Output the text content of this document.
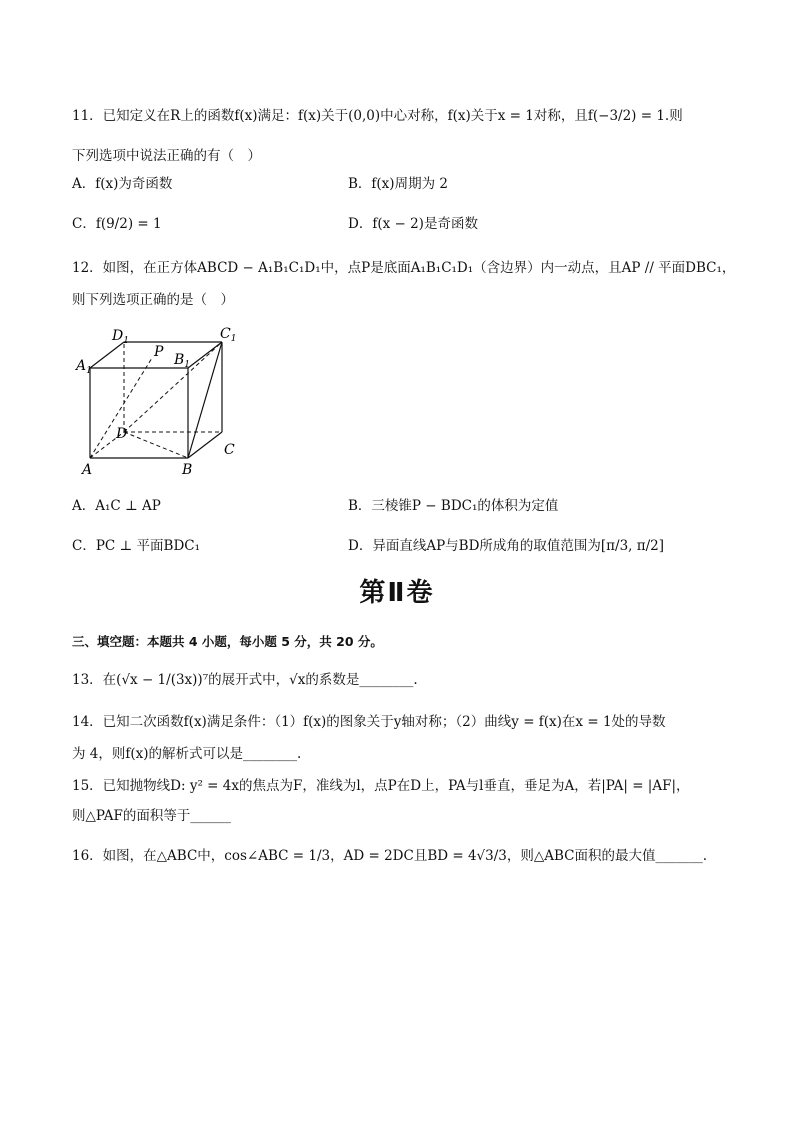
11．已知定义在R上的函数f(x)满足：f(x)关于(0,0)中心对称，f(x)关于x = 1对称，且f(−3/2) = 1.则
下列选项中说法正确的有（　）
A．f(x)为奇函数	B．f(x)周期为 2
C．f(9/2) = 1	D．f(x − 2)是奇函数
12．如图，在正方体ABCD − A₁B₁C₁D₁中，点P是底面A₁B₁C₁D₁（含边界）内一动点，且AP // 平面DBC₁，
则下列选项正确的是（　）
$D_1$	$C_1$
$A_1$
$B_1$
P
D
C
A	B
A．A₁C ⊥ AP	B．三棱锥P − BDC₁的体积为定值
C．PC ⊥ 平面BDC₁	D．异面直线AP与BD所成角的取值范围为[π/3, π/2]
第Ⅱ卷
三、填空题：本题共 4 小题，每小题 5 分，共 20 分。
13．在(√x − 1/(3x))⁷的展开式中，√x的系数是________.
14．已知二次函数f(x)满足条件：（1）f(x)的图象关于y轴对称；（2）曲线y = f(x)在x = 1处的导数
为 4，则f(x)的解析式可以是________.
15．已知抛物线D: y² = 4x的焦点为F，准线为l，点P在D上，PA与l垂直，垂足为A，若|PA| = |AF|，
则△PAF的面积等于______
16．如图，在△ABC中，cos∠ABC = 1/3，AD = 2DC且BD = 4√3/3，则△ABC面积的最大值_______.
